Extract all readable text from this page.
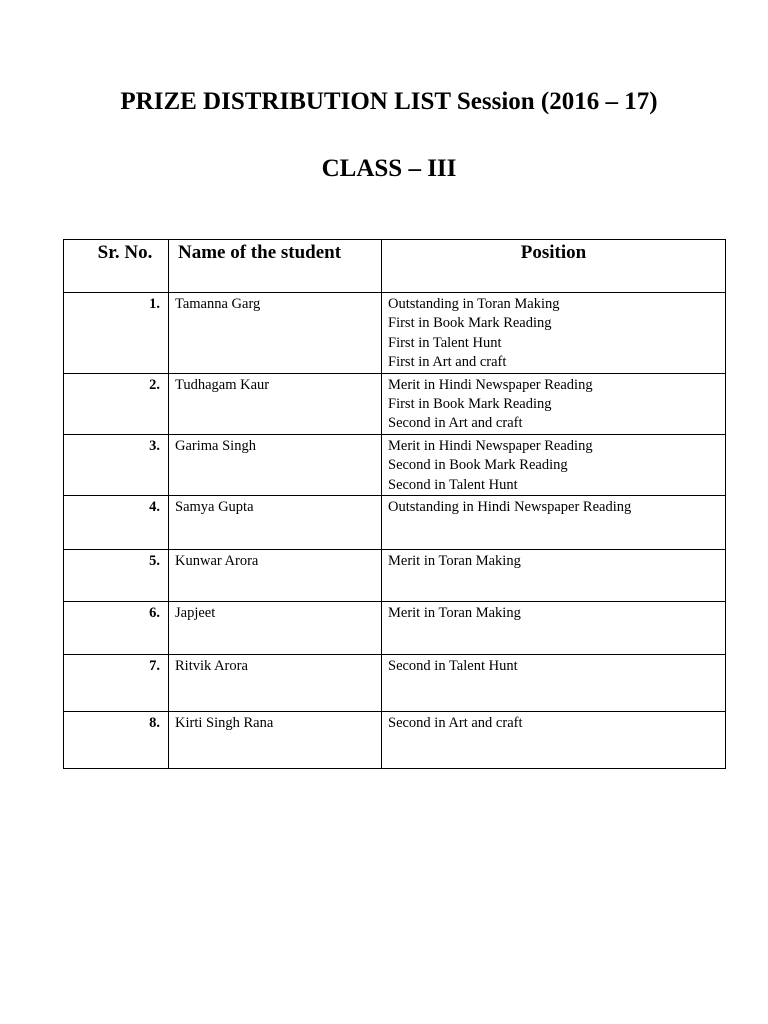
PRIZE DISTRIBUTION LIST Session (2016 – 17)
CLASS – III
Sr. No.	Name of the student	Position
1.	Tamanna Garg	Outstanding in Toran Making
First in Book Mark Reading
First in Talent Hunt
First in Art and craft

2.	Tudhagam Kaur	Merit in Hindi Newspaper Reading
First in Book Mark Reading
Second in Art and craft

3.	Garima Singh	Merit in Hindi Newspaper Reading
Second in Book Mark Reading
Second in Talent Hunt

4.	Samya Gupta	Outstanding in Hindi Newspaper Reading

5.	Kunwar Arora	Merit in Toran Making

6.	Japjeet	Merit in Toran Making

7.	Ritvik Arora	Second in Talent Hunt

8.	Kirti Singh Rana	Second in Art and craft
